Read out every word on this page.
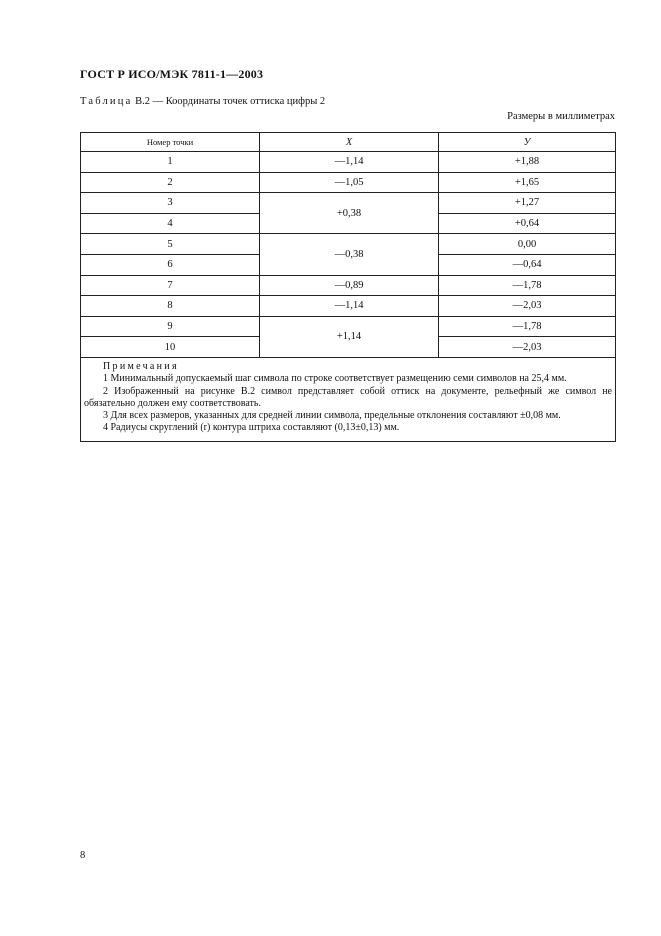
ГОСТ Р ИСО/МЭК 7811-1—2003
Таблица В.2 — Координаты точек оттиска цифры 2
Размеры в миллиметрах
Номер точки	X	У
1	—1,14	+1,88
2	—1,05	+1,65
3	+0,38	+1,27
4		+0,64
5	—0,38	0,00
6		—0,64
7	—0,89	—1,78
8	—1,14	—2,03
9	+1,14	—1,78
10		—2,03

Примечания
1 Минимальный допускаемый шаг символа по строке соответствует размещению семи символов на 25,4 мм.
2 Изображенный на рисунке В.2 символ представляет собой оттиск на документе, рельефный же символ не обязательно должен ему соответствовать.
3 Для всех размеров, указанных для средней линии символа, предельные отклонения составляют ±0,08 мм.
4 Радиусы скруглений (r) контура штриха составляют (0,13±0,13) мм.		
8
